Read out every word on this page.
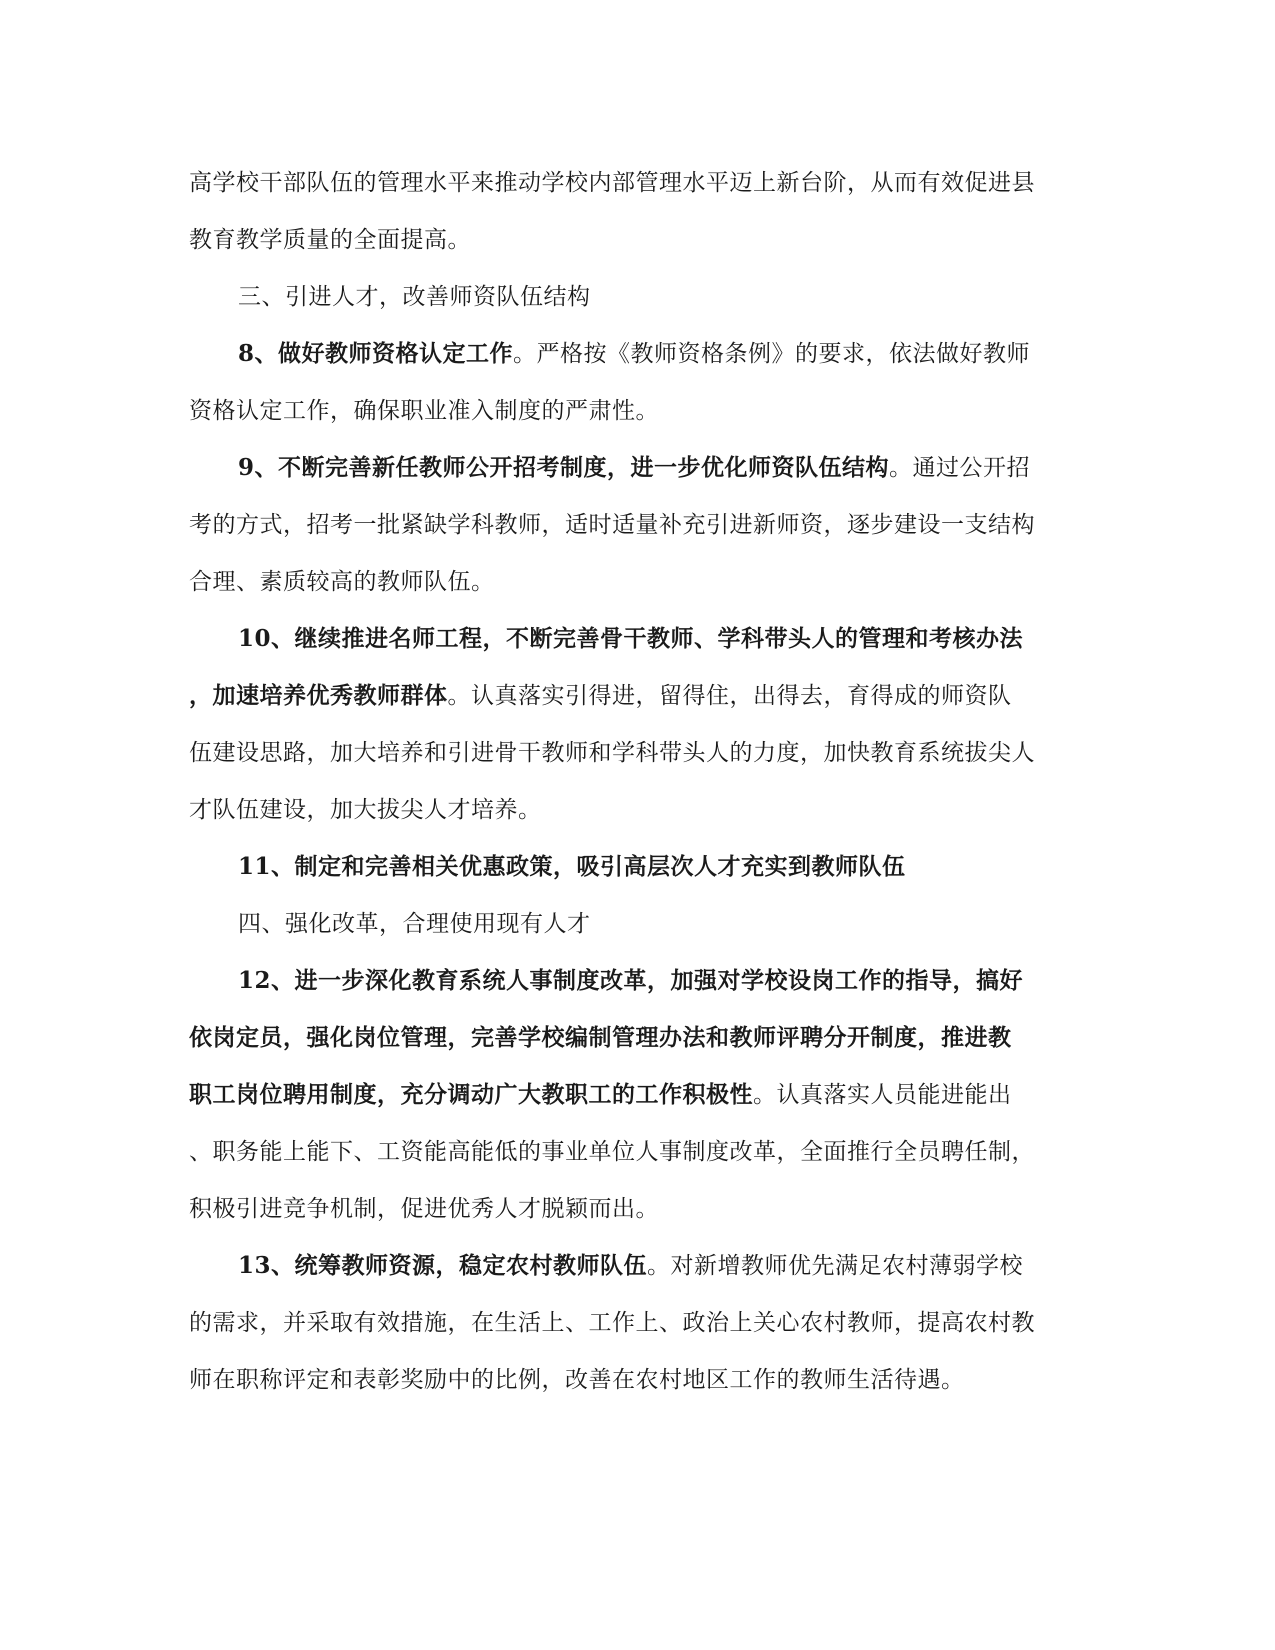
高学校干部队伍的管理水平来推动学校内部管理水平迈上新台阶，从而有效促进县
教育教学质量的全面提高。
三、引进人才，改善师资队伍结构
8、做好教师资格认定工作。严格按《教师资格条例》的要求，依法做好教师
资格认定工作，确保职业准入制度的严肃性。
9、不断完善新任教师公开招考制度，进一步优化师资队伍结构。通过公开招
考的方式，招考一批紧缺学科教师，适时适量补充引进新师资，逐步建设一支结构
合理、素质较高的教师队伍。
10、继续推进名师工程，不断完善骨干教师、学科带头人的管理和考核办法
，加速培养优秀教师群体。认真落实引得进，留得住，出得去，育得成的师资队
伍建设思路，加大培养和引进骨干教师和学科带头人的力度，加快教育系统拔尖人
才队伍建设，加大拔尖人才培养。
11、制定和完善相关优惠政策，吸引高层次人才充实到教师队伍
四、强化改革，合理使用现有人才
12、进一步深化教育系统人事制度改革，加强对学校设岗工作的指导，搞好
依岗定员，强化岗位管理，完善学校编制管理办法和教师评聘分开制度，推进教
职工岗位聘用制度，充分调动广大教职工的工作积极性。认真落实人员能进能出
、职务能上能下、工资能高能低的事业单位人事制度改革，全面推行全员聘任制，
积极引进竞争机制，促进优秀人才脱颖而出。
13、统筹教师资源，稳定农村教师队伍。对新增教师优先满足农村薄弱学校
的需求，并采取有效措施，在生活上、工作上、政治上关心农村教师，提高农村教
师在职称评定和表彰奖励中的比例，改善在农村地区工作的教师生活待遇。
